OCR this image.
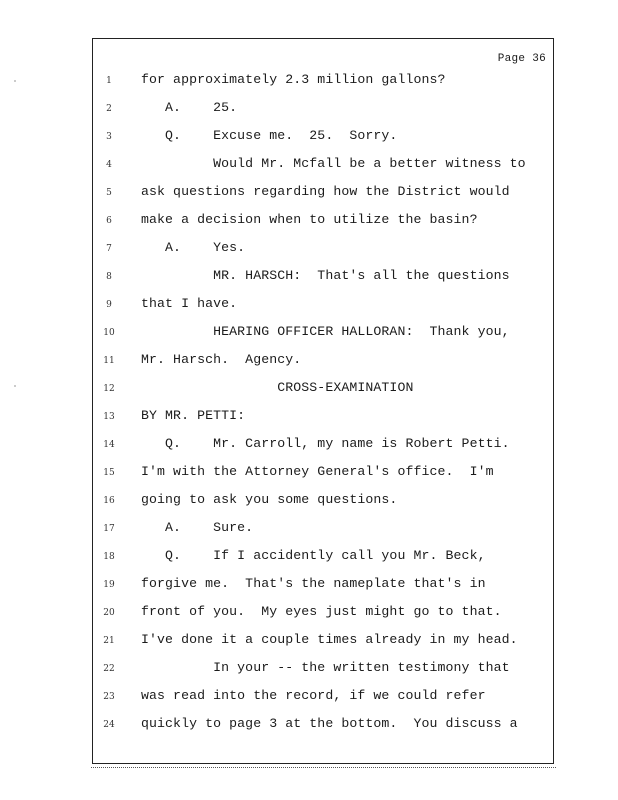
Page 36
1	for approximately 2.3 million gallons?
2	A.    25.
3	Q.    Excuse me.  25.  Sorry.
4	Would Mr. Mcfall be a better witness to
5	ask questions regarding how the District would
6	make a decision when to utilize the basin?
7	A.    Yes.
8	MR. HARSCH:  That's all the questions
9	that I have.
10	HEARING OFFICER HALLORAN:  Thank you,
11	Mr. Harsch.  Agency.
12	CROSS-EXAMINATION
13	BY MR. PETTI:
14	Q.    Mr. Carroll, my name is Robert Petti.
15	I'm with the Attorney General's office.  I'm
16	going to ask you some questions.
17	A.    Sure.
18	Q.    If I accidently call you Mr. Beck,
19	forgive me.  That's the nameplate that's in
20	front of you.  My eyes just might go to that.
21	I've done it a couple times already in my head.
22	In your -- the written testimony that
23	was read into the record, if we could refer
24	quickly to page 3 at the bottom.  You discuss a
